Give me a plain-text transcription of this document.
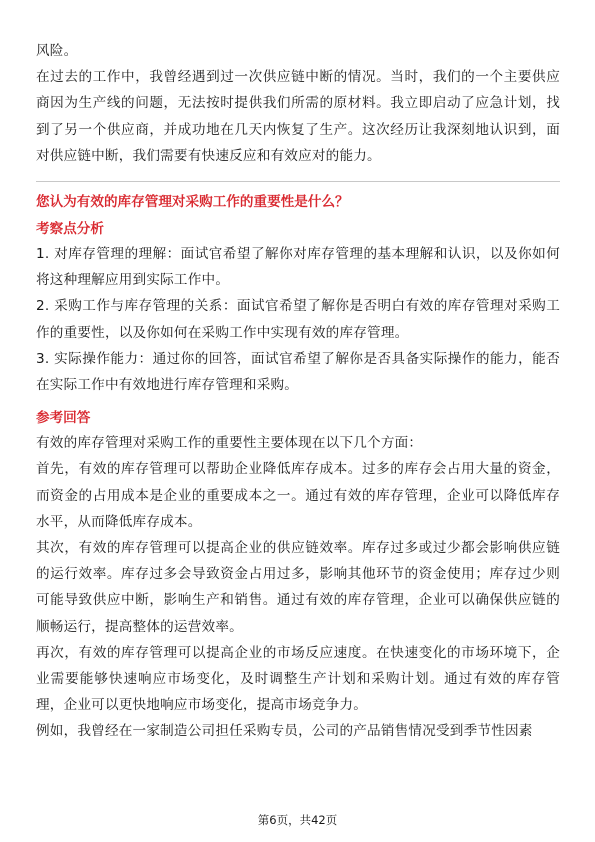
风险。

在过去的工作中，我曾经遇到过一次供应链中断的情况。当时，我们的一个主要供应商因为生产线的问题，无法按时提供我们所需的原材料。我立即启动了应急计划，找到了另一个供应商，并成功地在几天内恢复了生产。这次经历让我深刻地认识到，面对供应链中断，我们需要有快速反应和有效应对的能力。

您认为有效的库存管理对采购工作的重要性是什么？

考察点分析

1. 对库存管理的理解：面试官希望了解你对库存管理的基本理解和认识，以及你如何将这种理解应用到实际工作中。

2. 采购工作与库存管理的关系：面试官希望了解你是否明白有效的库存管理对采购工作的重要性，以及你如何在采购工作中实现有效的库存管理。

3. 实际操作能力：通过你的回答，面试官希望了解你是否具备实际操作的能力，能否在实际工作中有效地进行库存管理和采购。

参考回答

有效的库存管理对采购工作的重要性主要体现在以下几个方面：

首先，有效的库存管理可以帮助企业降低库存成本。过多的库存会占用大量的资金，而资金的占用成本是企业的重要成本之一。通过有效的库存管理，企业可以降低库存水平，从而降低库存成本。

其次，有效的库存管理可以提高企业的供应链效率。库存过多或过少都会影响供应链的运行效率。库存过多会导致资金占用过多，影响其他环节的资金使用；库存过少则可能导致供应中断，影响生产和销售。通过有效的库存管理，企业可以确保供应链的顺畅运行，提高整体的运营效率。

再次，有效的库存管理可以提高企业的市场反应速度。在快速变化的市场环境下，企业需要能够快速响应市场变化，及时调整生产计划和采购计划。通过有效的库存管理，企业可以更快地响应市场变化，提高市场竞争力。

例如，我曾经在一家制造公司担任采购专员，公司的产品销售情况受到季节性因素

第6页，共42页
